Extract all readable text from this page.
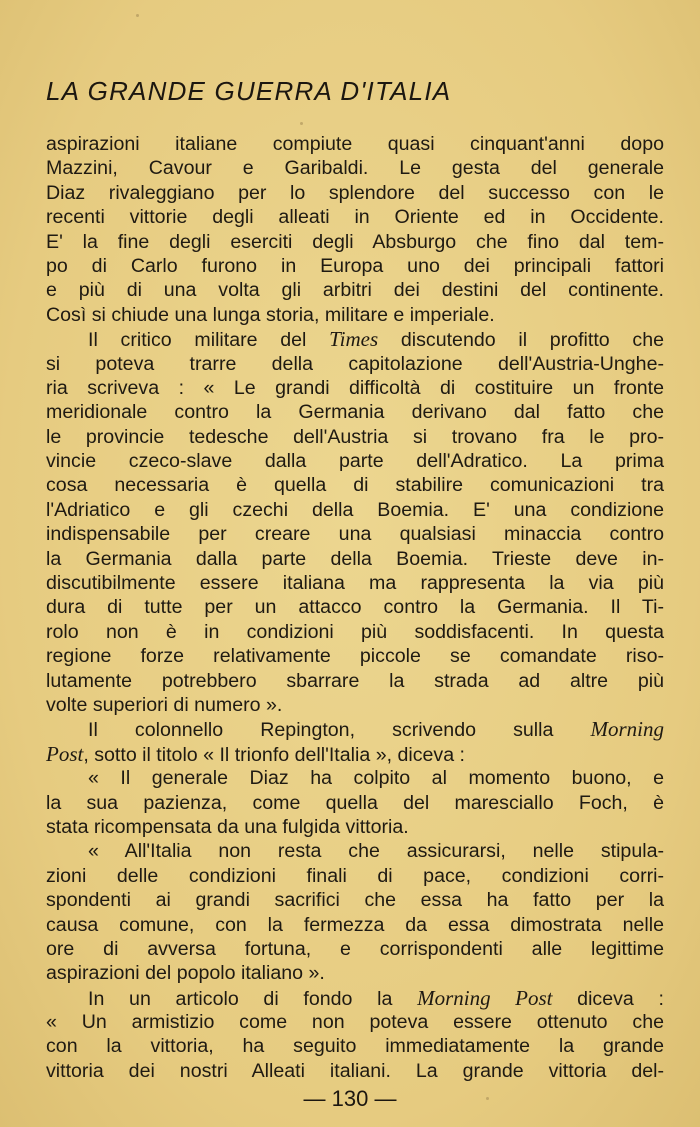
LA GRANDE GUERRA D'ITALIA
aspirazioni italiane compiute quasi cinquant'anni dopo
Mazzini, Cavour e Garibaldi. Le gesta del generale
Diaz rivaleggiano per lo splendore del successo con le
recenti vittorie degli alleati in Oriente ed in Occidente.
E' la fine degli eserciti degli Absburgo che fino dal tem-
po di Carlo furono in Europa uno dei principali fattori
e più di una volta gli arbitri dei destini del continente.
Così si chiude una lunga storia, militare e imperiale.
Il critico militare del Times discutendo il profitto che
si poteva trarre della capitolazione dell'Austria-Unghe-
ria scriveva : « Le grandi difficoltà di costituire un fronte
meridionale contro la Germania derivano dal fatto che
le provincie tedesche dell'Austria si trovano fra le pro-
vincie czeco-slave dalla parte dell'Adratico. La prima
cosa necessaria è quella di stabilire comunicazioni tra
l'Adriatico e gli czechi della Boemia. E' una condizione
indispensabile per creare una qualsiasi minaccia contro
la Germania dalla parte della Boemia. Trieste deve in-
discutibilmente essere italiana ma rappresenta la via più
dura di tutte per un attacco contro la Germania. Il Ti-
rolo non è in condizioni più soddisfacenti. In questa
regione forze relativamente piccole se comandate riso-
lutamente potrebbero sbarrare la strada ad altre più
volte superiori di numero ».
Il colonnello Repington, scrivendo sulla Morning
Post, sotto il titolo « Il trionfo dell'Italia », diceva :
« Il generale Diaz ha colpito al momento buono, e
la sua pazienza, come quella del maresciallo Foch, è
stata ricompensata da una fulgida vittoria.
« All'Italia non resta che assicurarsi, nelle stipula-
zioni delle condizioni finali di pace, condizioni corri-
spondenti ai grandi sacrifici che essa ha fatto per la
causa comune, con la fermezza da essa dimostrata nelle
ore di avversa fortuna, e corrispondenti alle legittime
aspirazioni del popolo italiano ».
In un articolo di fondo la Morning Post diceva :
« Un armistizio come non poteva essere ottenuto che
con la vittoria, ha seguito immediatamente la grande
vittoria dei nostri Alleati italiani. La grande vittoria del-
— 130 —
